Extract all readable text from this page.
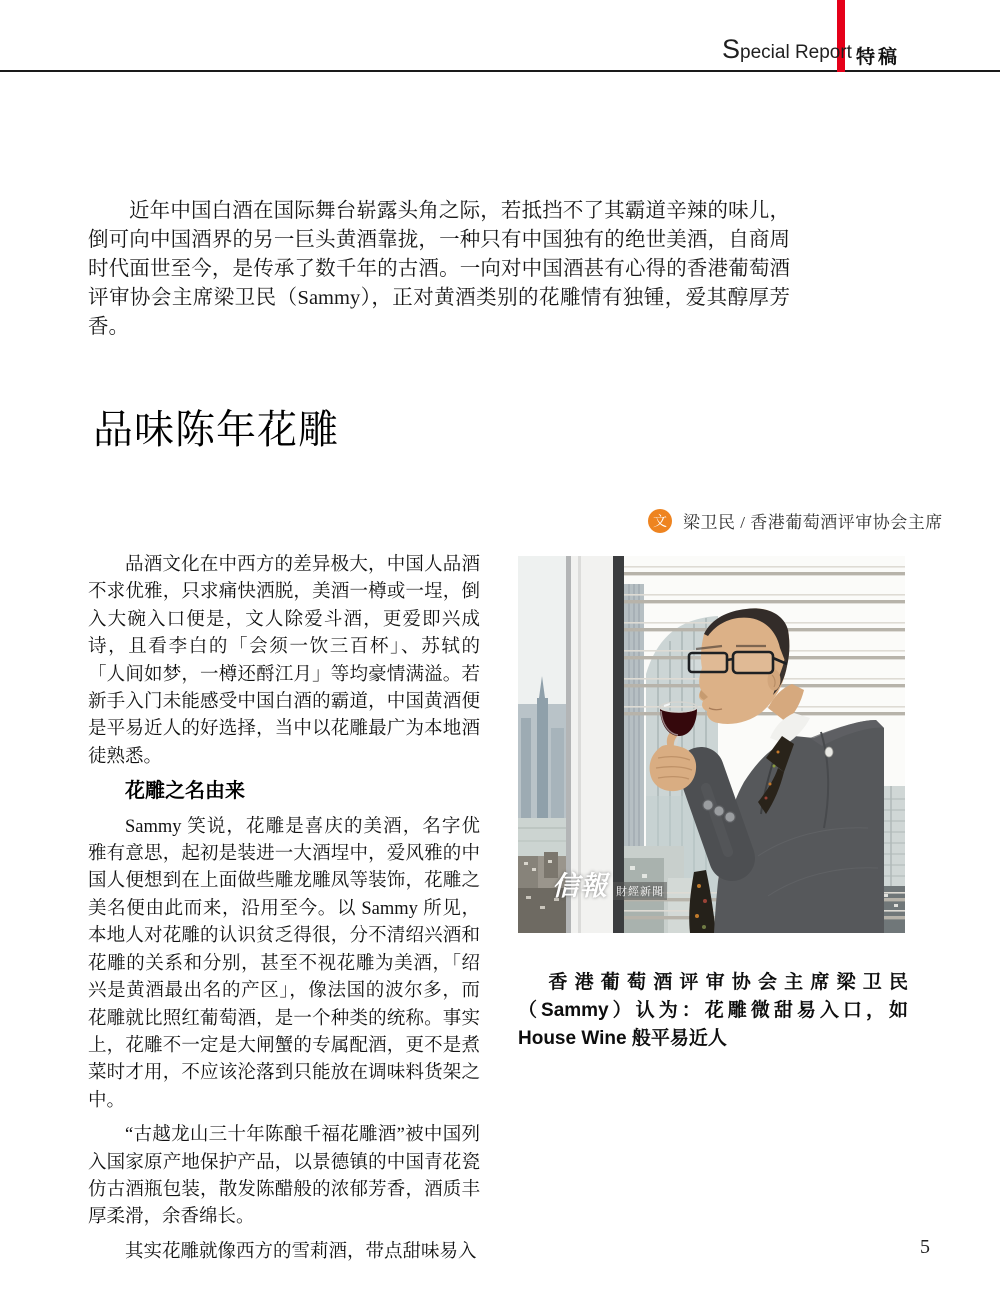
Special Report 特稿

近年中国白酒在国际舞台崭露头角之际，若抵挡不了其霸道辛辣的味儿，倒可向中国酒界的另一巨头黄酒靠拢，一种只有中国独有的绝世美酒，自商周时代面世至今，是传承了数千年的古酒。一向对中国酒甚有心得的香港葡萄酒评审协会主席梁卫民（Sammy），正对黄酒类别的花雕情有独锺，爱其醇厚芳香。

品味陈年花雕
文 梁卫民 / 香港葡萄酒评审协会主席

品酒文化在中西方的差异极大，中国人品酒不求优雅，只求痛快洒脱，美酒一樽或一埕，倒入大碗入口便是，文人除爱斗酒，更爱即兴成诗，且看李白的「会须一饮三百杯」、苏轼的「人间如梦，一樽还酹江月」等均豪情满溢。若新手入门未能感受中国白酒的霸道，中国黄酒便是平易近人的好选择，当中以花雕最广为本地酒徒熟悉。

花雕之名由来

Sammy 笑说，花雕是喜庆的美酒，名字优雅有意思，起初是装进一大酒埕中，爱风雅的中国人便想到在上面做些雕龙雕凤等装饰，花雕之美名便由此而来，沿用至今。以 Sammy 所见，本地人对花雕的认识贫乏得很，分不清绍兴酒和花雕的关系和分别，甚至不视花雕为美酒，「绍兴是黄酒最出名的产区」，像法国的波尔多，而花雕就比照红葡萄酒，是一个种类的统称。事实上，花雕不一定是大闸蟹的专属配酒，更不是煮菜时才用，不应该沦落到只能放在调味料货架之中。

“古越龙山三十年陈酿千福花雕酒”被中国列入国家原产地保护产品，以景德镇的中国青花瓷仿古酒瓶包装，散发陈醋般的浓郁芳香，酒质丰厚柔滑，余香绵长。

其实花雕就像西方的雪莉酒，带点甜味易入

信報 財經新聞

香港葡萄酒评审协会主席梁卫民（Sammy）认为：花雕微甜易入口，如 House Wine 般平易近人

5
